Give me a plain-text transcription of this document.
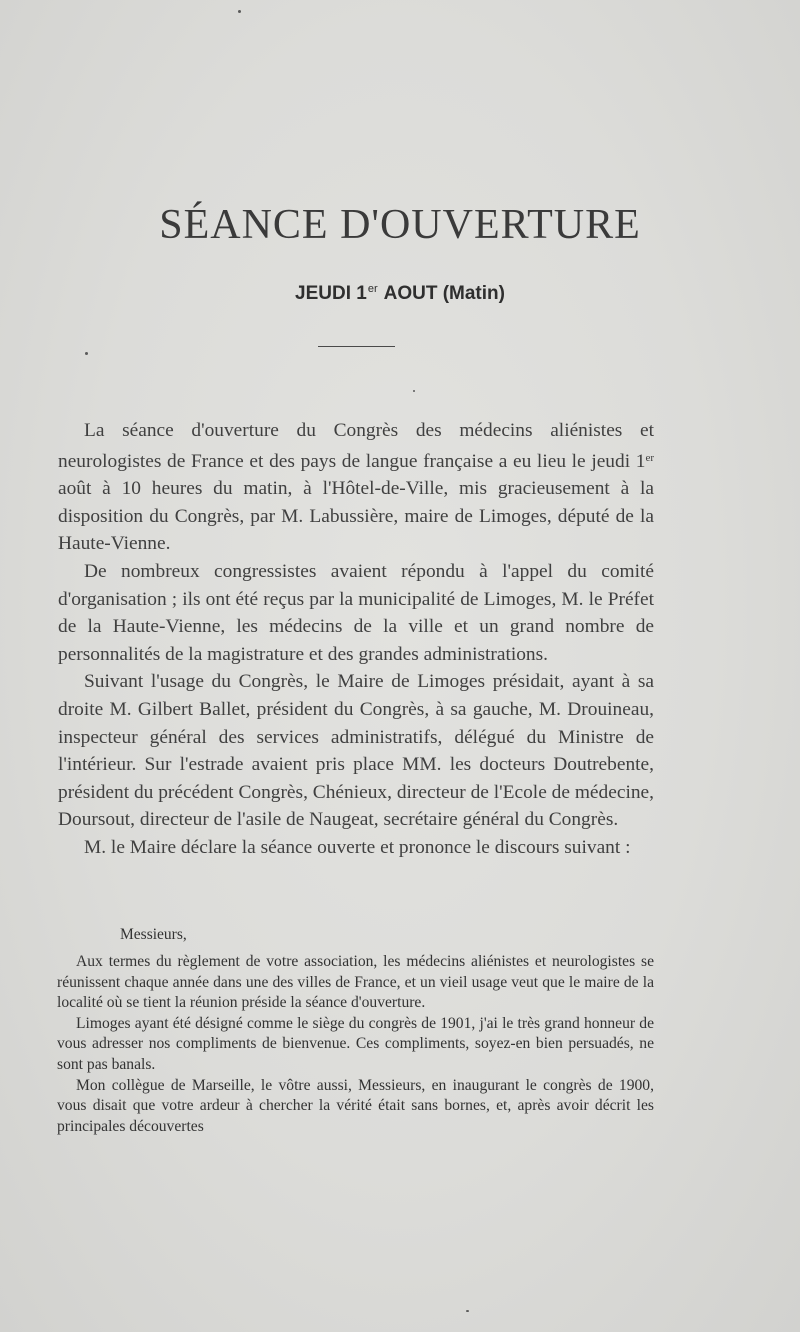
SÉANCE D'OUVERTURE
JEUDI 1er AOUT (Matin)

La séance d'ouverture du Congrès des médecins aliénistes et neurologistes de France et des pays de langue française a eu lieu le jeudi 1er août à 10 heures du matin, à l'Hôtel-de-Ville, mis gracieusement à la disposition du Congrès, par M. Labussière, maire de Limoges, député de la Haute-Vienne.

De nombreux congressistes avaient répondu à l'appel du comité d'organisation ; ils ont été reçus par la municipalité de Limoges, M. le Préfet de la Haute-Vienne, les médecins de la ville et un grand nombre de personnalités de la magistrature et des grandes administrations.

Suivant l'usage du Congrès, le Maire de Limoges présidait, ayant à sa droite M. Gilbert Ballet, président du Congrès, à sa gauche, M. Drouineau, inspecteur général des services administratifs, délégué du Ministre de l'intérieur. Sur l'estrade avaient pris place MM. les docteurs Doutrebente, président du précédent Congrès, Chénieux, directeur de l'Ecole de médecine, Doursout, directeur de l'asile de Naugeat, secrétaire général du Congrès.

M. le Maire déclare la séance ouverte et prononce le discours suivant :

Messieurs,

Aux termes du règlement de votre association, les médecins aliénistes et neurologistes se réunissent chaque année dans une des villes de France, et un vieil usage veut que le maire de la localité où se tient la réunion préside la séance d'ouverture.

Limoges ayant été désigné comme le siège du congrès de 1901, j'ai le très grand honneur de vous adresser nos compliments de bienvenue. Ces compliments, soyez-en bien persuadés, ne sont pas banals.

Mon collègue de Marseille, le vôtre aussi, Messieurs, en inaugurant le congrès de 1900, vous disait que votre ardeur à chercher la vérité était sans bornes, et, après avoir décrit les principales découvertes
